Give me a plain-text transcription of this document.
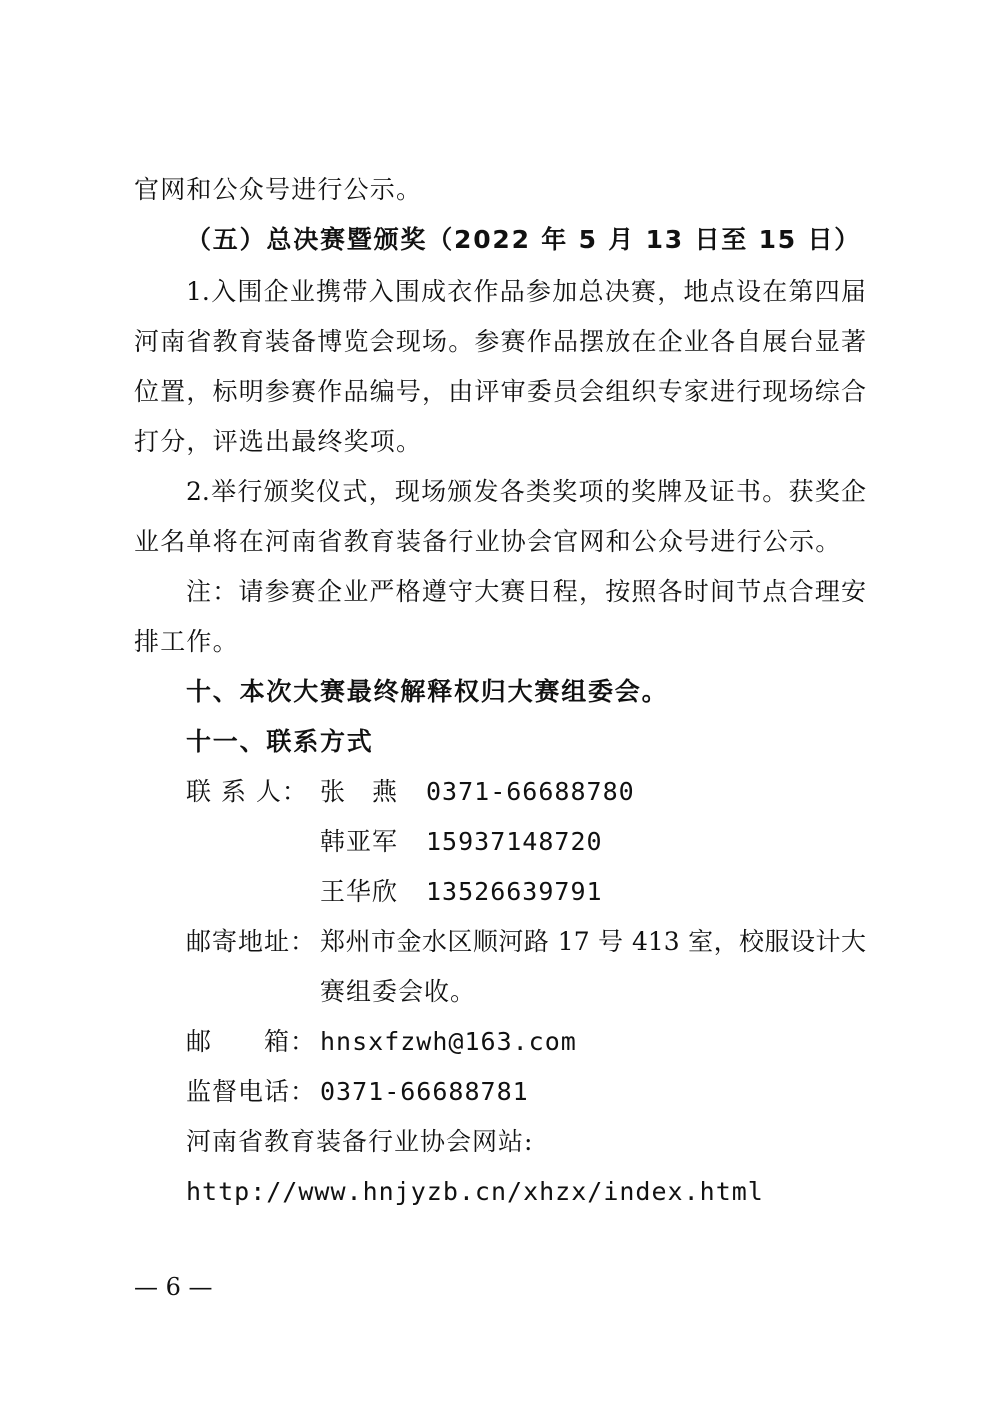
官网和公众号进行公示。
（五）总决赛暨颁奖（2022 年 5 月 13 日至 15 日）
1.入围企业携带入围成衣作品参加总决赛，地点设在第四届
河南省教育装备博览会现场。参赛作品摆放在企业各自展台显著
位置，标明参赛作品编号，由评审委员会组织专家进行现场综合
打分，评选出最终奖项。
2.举行颁奖仪式，现场颁发各类奖项的奖牌及证书。获奖企
业名单将在河南省教育装备行业协会官网和公众号进行公示。
注：请参赛企业严格遵守大赛日程，按照各时间节点合理安
排工作。
十、本次大赛最终解释权归大赛组委会。
十一、联系方式
联 系 人： 张　燕 0371-66688780
韩亚军 15937148720
王华欣 13526639791
邮寄地址： 郑州市金水区顺河路 17 号 413 室，校服设计大
赛组委会收。
邮　　箱： hnsxfzwh@163.com
监督电话： 0371-66688781
河南省教育装备行业协会网站:
http://www.hnjyzb.cn/xhzx/index.html
— 6 —
